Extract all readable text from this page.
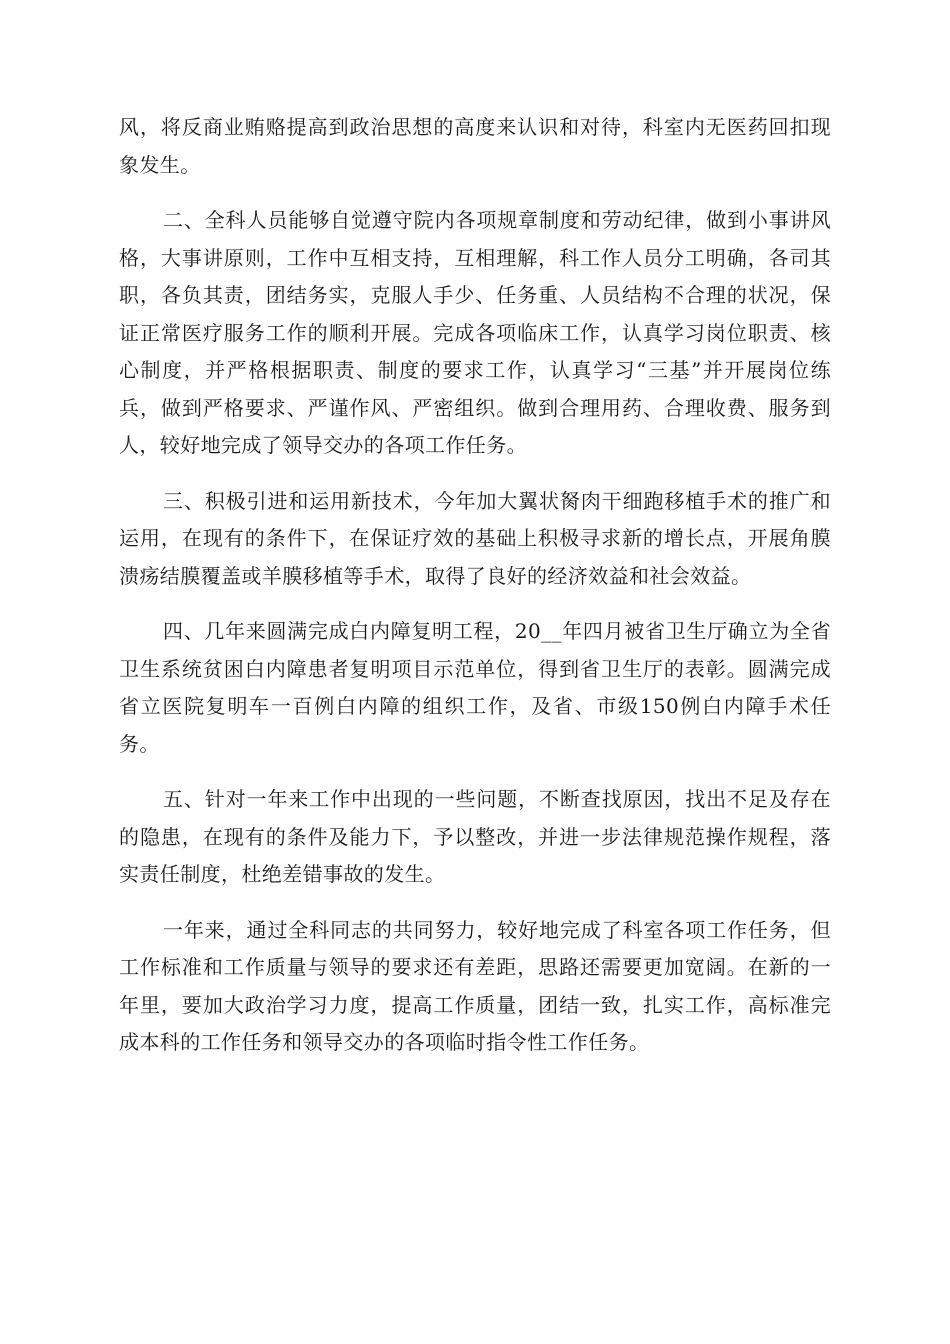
风，将反商业贿赂提高到政治思想的高度来认识和对待，科室内无医药回扣现象发生。

二、全科人员能够自觉遵守院内各项规章制度和劳动纪律，做到小事讲风格，大事讲原则，工作中互相支持，互相理解，科工作人员分工明确，各司其职，各负其责，团结务实，克服人手少、任务重、人员结构不合理的状况，保证正常医疗服务工作的顺利开展。完成各项临床工作，认真学习岗位职责、核心制度，并严格根据职责、制度的要求工作，认真学习“三基”并开展岗位练兵，做到严格要求、严谨作风、严密组织。做到合理用药、合理收费、服务到人，较好地完成了领导交办的各项工作任务。

三、积极引进和运用新技术，今年加大翼状胬肉干细跑移植手术的推广和运用，在现有的条件下，在保证疗效的基础上积极寻求新的增长点，开展角膜溃疡结膜覆盖或羊膜移植等手术，取得了良好的经济效益和社会效益。

四、几年来圆满完成白内障复明工程，20__年四月被省卫生厅确立为全省卫生系统贫困白内障患者复明项目示范单位，得到省卫生厅的表彰。圆满完成省立医院复明车一百例白内障的组织工作，及省、市级150例白内障手术任务。

五、针对一年来工作中出现的一些问题，不断查找原因，找出不足及存在的隐患，在现有的条件及能力下，予以整改，并进一步法律规范操作规程，落实责任制度，杜绝差错事故的发生。

一年来，通过全科同志的共同努力，较好地完成了科室各项工作任务，但工作标准和工作质量与领导的要求还有差距，思路还需要更加宽阔。在新的一年里，要加大政治学习力度，提高工作质量，团结一致，扎实工作，高标准完成本科的工作任务和领导交办的各项临时指令性工作任务。
